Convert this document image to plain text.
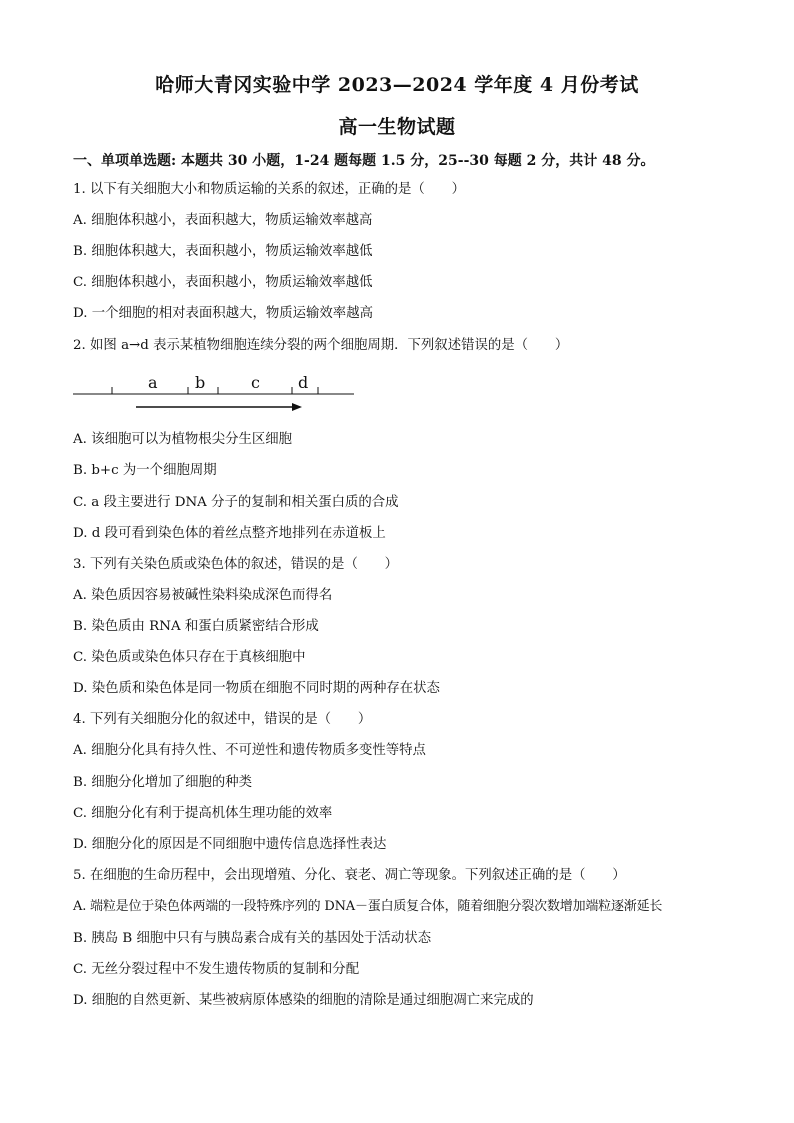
哈师大青冈实验中学 2023—2024 学年度 4 月份考试
高一生物试题
一、单项单选题: 本题共 30 小题，1-24 题每题 1.5 分，25--30 每题 2 分，共计 48 分。
1. 以下有关细胞大小和物质运输的关系的叙述，正确的是（　　）
A. 细胞体积越小，表面积越大，物质运输效率越高
B. 细胞体积越大，表面积越小，物质运输效率越低
C. 细胞体积越小，表面积越小，物质运输效率越低
D. 一个细胞的相对表面积越大，物质运输效率越高
2. 如图 a→d 表示某植物细胞连续分裂的两个细胞周期．下列叙述错误的是（　　）
a b	c d
A. 该细胞可以为植物根尖分生区细胞
B. b+c 为一个细胞周期
C. a 段主要进行 DNA 分子的复制和相关蛋白质的合成
D. d 段可看到染色体的着丝点整齐地排列在赤道板上
3. 下列有关染色质或染色体的叙述，错误的是（　　）
A. 染色质因容易被碱性染料染成深色而得名
B. 染色质由 RNA 和蛋白质紧密结合形成
C. 染色质或染色体只存在于真核细胞中
D. 染色质和染色体是同一物质在细胞不同时期的两种存在状态
4. 下列有关细胞分化的叙述中，错误的是（　　）
A. 细胞分化具有持久性、不可逆性和遗传物质多变性等特点
B. 细胞分化增加了细胞的种类
C. 细胞分化有利于提高机体生理功能的效率
D. 细胞分化的原因是不同细胞中遗传信息选择性表达
5. 在细胞的生命历程中，会出现增殖、分化、衰老、凋亡等现象。下列叙述正确的是（　　）
A. 端粒是位于染色体两端的一段特殊序列的 DNA－蛋白质复合体，随着细胞分裂次数增加端粒逐渐延长
B. 胰岛 B 细胞中只有与胰岛素合成有关的基因处于活动状态
C. 无丝分裂过程中不发生遗传物质的复制和分配
D. 细胞的自然更新、某些被病原体感染的细胞的清除是通过细胞凋亡来完成的
